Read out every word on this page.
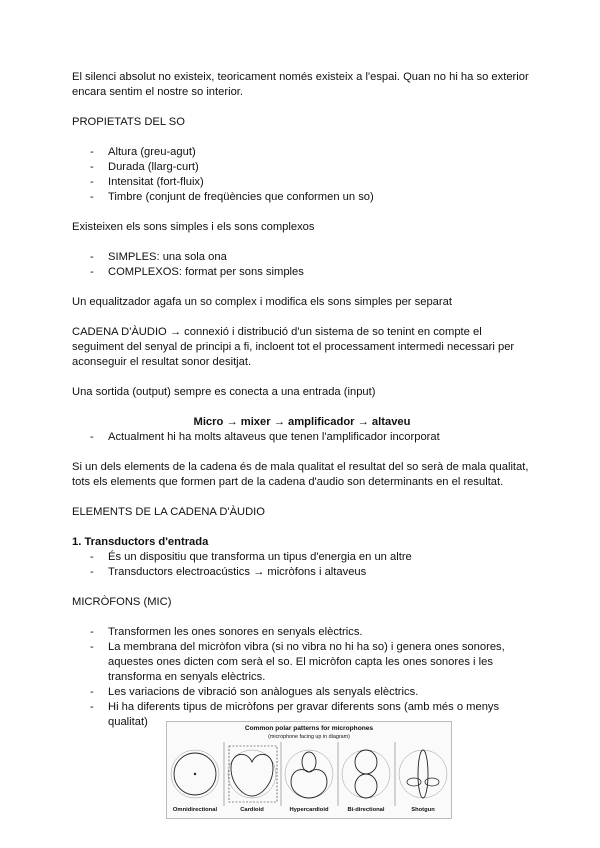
El silenci absolut no existeix, teoricament només existeix a l'espai. Quan no hi ha so exterior encara sentim el nostre so interior.

PROPIETATS DEL SO

- Altura (greu-agut)
- Durada (llarg-curt)
- Intensitat (fort-fluix)
- Timbre (conjunt de freqüències que conformen un so)

Existeixen els sons simples i els sons complexos

- SIMPLES: una sola ona
- COMPLEXOS: format per sons simples

Un equalitzador agafa un so complex i modifica els sons simples per separat

CADENA D'ÀUDIO → connexió i distribució d'un sistema de so tenint en compte el seguiment del senyal de principi a fi, incloent tot el processament intermedi necessari per aconseguir el resultat sonor desitjat.

Una sortida (output) sempre es conecta a una entrada (input)

Micro → mixer → amplificador → altaveu

- Actualment hi ha molts altaveus que tenen l'amplificador incorporat

Si un dels elements de la cadena és de mala qualitat el resultat del so serà de mala qualitat, tots els elements que formen part de la cadena d'audio son determinants en el resultat.

ELEMENTS DE LA CADENA D'ÀUDIO

1. Transductors d'entrada

- És un dispositiu que transforma un tipus d'energia en un altre
- Transductors electroacústics → micròfons i altaveus

MICRÒFONS (MIC)

- Transformen les ones sonores en senyals elèctrics.
- La membrana del micròfon vibra (si no vibra no hi ha so) i genera ones sonores, aquestes ones dicten com serà el so. El micròfon capta les ones sonores i les transforma en senyals elèctrics.
- Les variacions de vibració son anàlogues als senyals elèctrics.
- Hi ha diferents tipus de micròfons per gravar diferents sons (amb més o menys qualitat)
Common polar patterns for microphones
(microphone facing up in diagram)
Omnidirectional	Cardioid	Hypercardioid	Bi-directional	Shotgun
